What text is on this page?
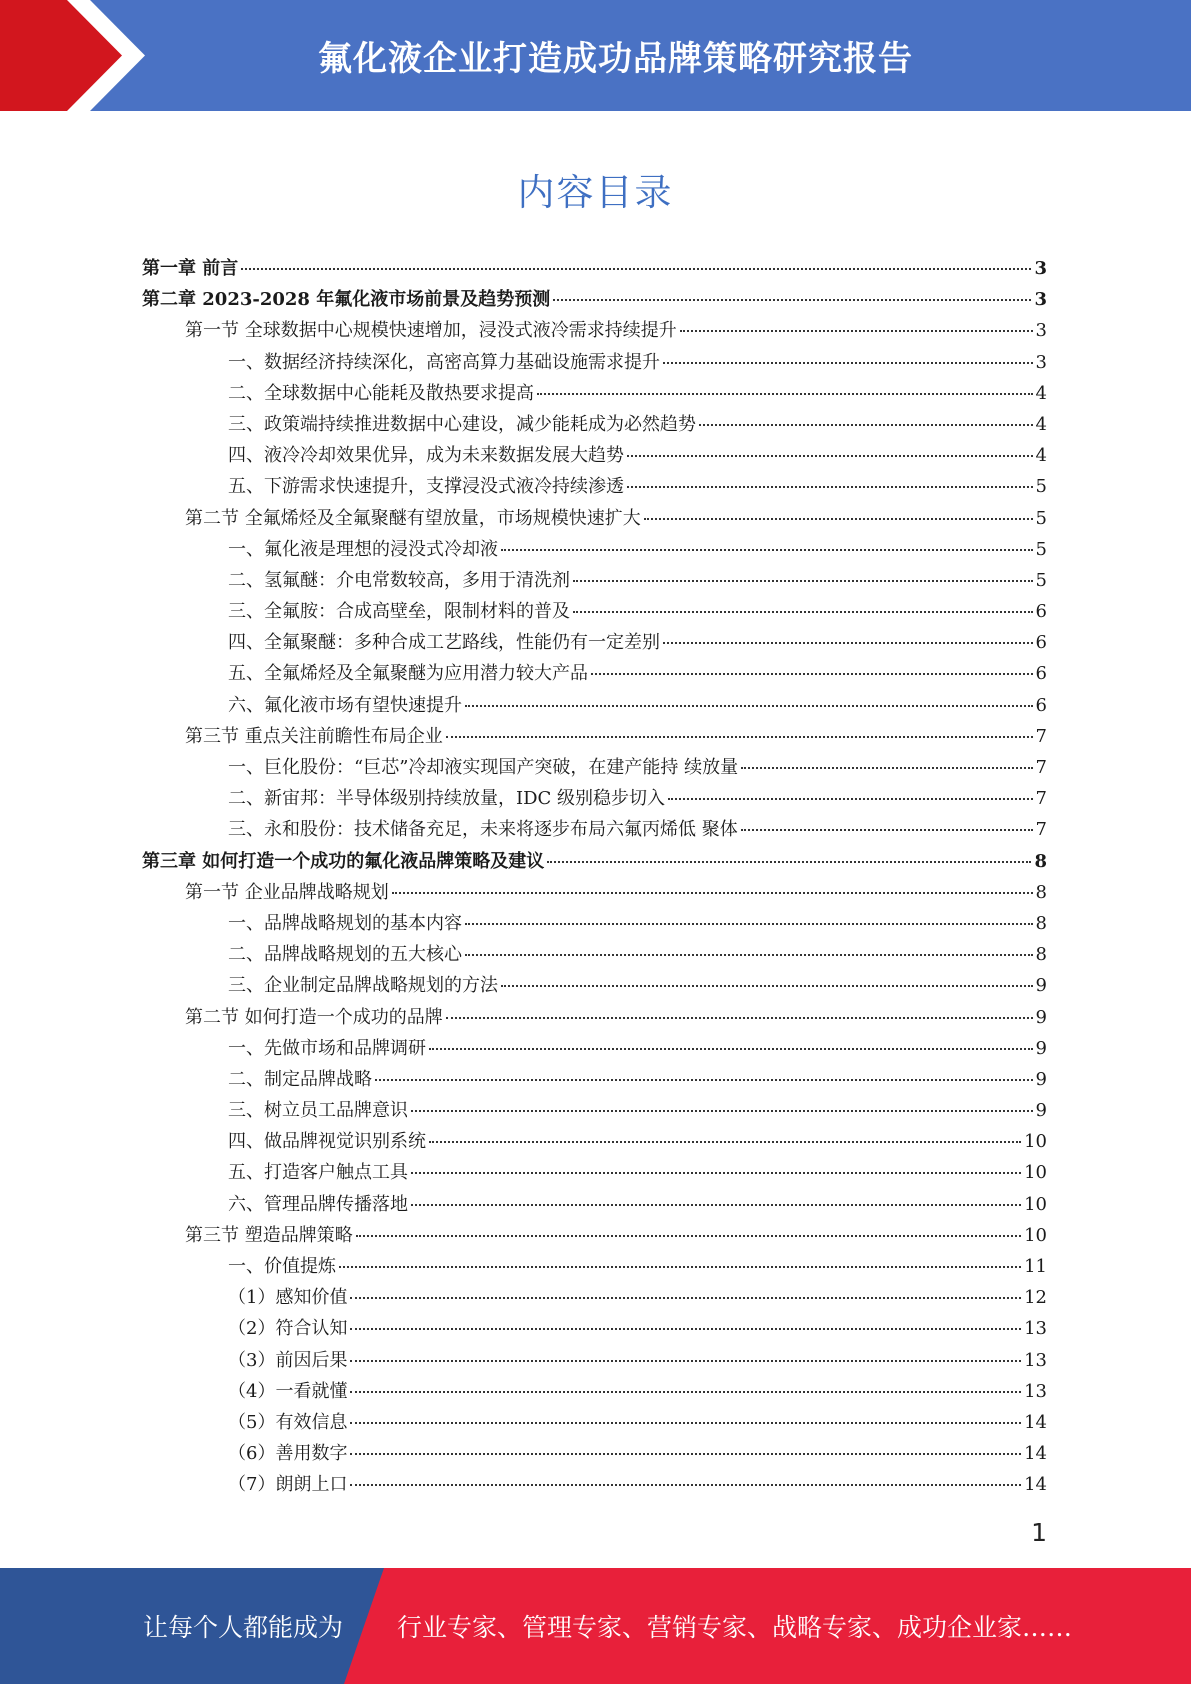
氟化液企业打造成功品牌策略研究报告
内容目录
第一章 前言	3
第二章 2023-2028 年氟化液市场前景及趋势预测	3
第一节 全球数据中心规模快速增加，浸没式液冷需求持续提升	3
一、数据经济持续深化，高密高算力基础设施需求提升	3
二、全球数据中心能耗及散热要求提高	4
三、政策端持续推进数据中心建设，减少能耗成为必然趋势	4
四、液冷冷却效果优异，成为未来数据发展大趋势	4
五、下游需求快速提升，支撑浸没式液冷持续渗透	5
第二节 全氟烯烃及全氟聚醚有望放量，市场规模快速扩大	5
一、氟化液是理想的浸没式冷却液	5
二、氢氟醚：介电常数较高，多用于清洗剂	5
三、全氟胺：合成高壁垒，限制材料的普及	6
四、全氟聚醚：多种合成工艺路线，性能仍有一定差别	6
五、全氟烯烃及全氟聚醚为应用潜力较大产品	6
六、氟化液市场有望快速提升	6
第三节 重点关注前瞻性布局企业	7
一、巨化股份：“巨芯”冷却液实现国产突破，在建产能持 续放量	7
二、新宙邦：半导体级别持续放量，IDC 级别稳步切入	7
三、永和股份：技术储备充足，未来将逐步布局六氟丙烯低 聚体	7
第三章 如何打造一个成功的氟化液品牌策略及建议	8
第一节 企业品牌战略规划	8
一、品牌战略规划的基本内容	8
二、品牌战略规划的五大核心	8
三、企业制定品牌战略规划的方法	9
第二节 如何打造一个成功的品牌	9
一、先做市场和品牌调研	9
二、制定品牌战略	9
三、树立员工品牌意识	9
四、做品牌视觉识别系统	10
五、打造客户触点工具	10
六、管理品牌传播落地	10
第三节 塑造品牌策略	10
一、价值提炼	11
（1）感知价值	12
（2）符合认知	13
（3）前因后果	13
（4）一看就懂	13
（5）有效信息	14
（6）善用数字	14
（7）朗朗上口	14
1
让每个人都能成为 行业专家、管理专家、营销专家、战略专家、成功企业家……
